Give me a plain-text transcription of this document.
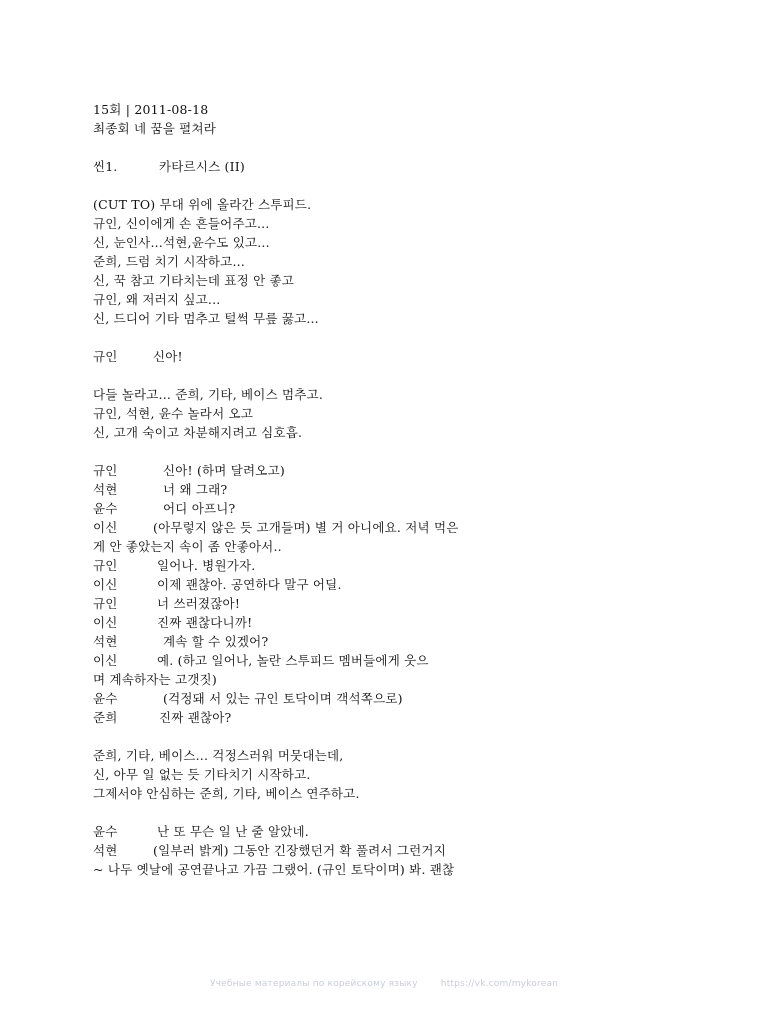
15회 | 2011-08-18
최종회 네 꿈을 펼쳐라
씬1.	카타르시스 (II)
(CUT TO) 무대 위에 올라간 스투피드.
규인, 신이에게 손 흔들어주고...
신, 눈인사...석현,윤수도 있고...
준희, 드럼 치기 시작하고...
신, 꾹 참고 기타치는데 표정 안 좋고
규인, 왜 저러지 싶고...
신, 드디어 기타 멈추고 털썩 무릎 꿇고...
규인	신아!
다들 놀라고... 준희, 기타, 베이스 멈추고.
규인, 석현, 윤수 놀라서 오고
신, 고개 숙이고 차분해지려고 심호흡.
규인	신아! (하며 달려오고)
석현	너 왜 그래?
윤수	어디 아프니?
이신	(아무렇지 않은 듯 고개들며) 별 거 아니에요. 저녁 먹은
게 안 좋았는지 속이 좀 안좋아서..
규인	일어나. 병원가자.
이신	이제 괜찮아. 공연하다 말구 어딜.
규인	너 쓰러졌잖아!
이신	진짜 괜찮다니까!
석현	계속 할 수 있겠어?
이신	예. (하고 일어나, 놀란 스투피드 멤버들에게 웃으
며 계속하자는 고갯짓)
윤수	(걱정돼 서 있는 규인 토닥이며 객석쪽으로)
준희	진짜 괜찮아?
준희, 기타, 베이스... 걱정스러워 머뭇대는데,
신, 아무 일 없는 듯 기타치기 시작하고.
그제서야 안심하는 준희, 기타, 베이스 연주하고.
윤수	난 또 무슨 일 난 줄 알았네.
석현	(일부러 밝게) 그동안 긴장했던거 확 풀려서 그런거지
~ 나두 옛날에 공연끝나고 가끔 그랬어. (규인 토닥이며) 봐. 괜찮
Учебные материалы по корейскому языку	https://vk.com/mykorean
